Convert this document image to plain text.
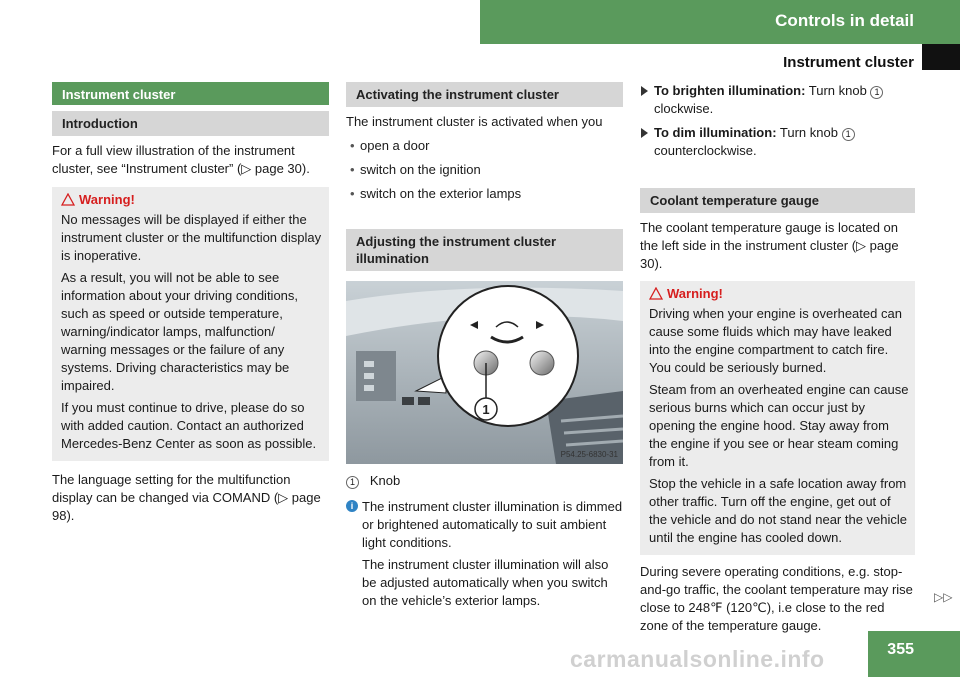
Controls in detail
Instrument cluster
Instrument cluster
Introduction

For a full view illustration of the instrument cluster, see “Instrument cluster” (▷ page 30).

Warning!

No messages will be displayed if either the instrument cluster or the multifunction display is inoperative.

As a result, you will not be able to see information about your driving conditions, such as speed or outside temperature, warning/indicator lamps, malfunction/ warning messages or the failure of any systems. Driving characteristics may be impaired.

If you must continue to drive, please do so with added caution. Contact an authorized Mercedes-Benz Center as soon as possible.

The language setting for the multifunction display can be changed via COMAND (▷ page 98).

Activating the instrument cluster

The instrument cluster is activated when you

• open a door
• switch on the ignition
• switch on the exterior lamps
Adjusting the instrument cluster illumination
1
P54.25-6830-31

1 Knob

i The instrument cluster illumination is dimmed or brightened automatically to suit ambient light conditions.

The instrument cluster illumination will also be adjusted automatically when you switch on the vehicle’s exterior lamps.

To brighten illumination: Turn knob 1 clockwise.
To dim illumination: Turn knob 1 counterclockwise.
Coolant temperature gauge

The coolant temperature gauge is located on the left side in the instrument cluster (▷ page 30).

Warning!

Driving when your engine is overheated can cause some fluids which may have leaked into the engine compartment to catch fire. You could be seriously burned.

Steam from an overheated engine can cause serious burns which can occur just by opening the engine hood. Stay away from the engine if you see or hear steam coming from it.

Stop the vehicle in a safe location away from other traffic. Turn off the engine, get out of the vehicle and do not stand near the vehicle until the engine has cooled down.

During severe operating conditions, e.g. stop-and-go traffic, the coolant temperature may rise close to 248℉ (120℃), i.e close to the red zone of the temperature gauge.

▷▷
355
carmanualsonline.info
